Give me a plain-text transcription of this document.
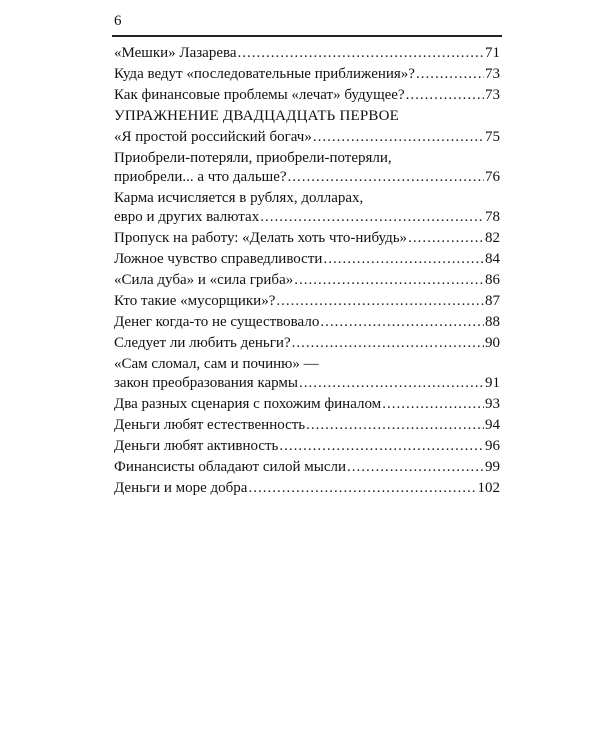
6
«Мешки» Лазарева .....	71
Куда ведут «последовательные приближения»? .....	73
Как финансовые проблемы «лечат» будущее? .....	73
УПРАЖНЕНИЕ ДВАДЦАДЦАТЬ ПЕРВОЕ
«Я простой российский богач» .....	75
Приобрели-потеряли, приобрели-потеряли,
приобрели... а что дальше? .....	76
Карма исчисляется в рублях, долларах,
евро и других валютах .....	78
Пропуск на работу: «Делать хоть что-нибудь» .....	82
Ложное чувство справедливости .....	84
«Сила дуба» и «сила гриба» .....	86
Кто такие «мусорщики»? .....	87
Денег когда-то не существовало .....	88
Следует ли любить деньги? .....	90
«Сам сломал, сам и починю» —
закон преобразования кармы .....	91
Два разных сценария с похожим финалом .....	93
Деньги любят естественность .....	94
Деньги любят активность .....	96
Финансисты обладают силой мысли .....	99
Деньги и море добра .....	102
